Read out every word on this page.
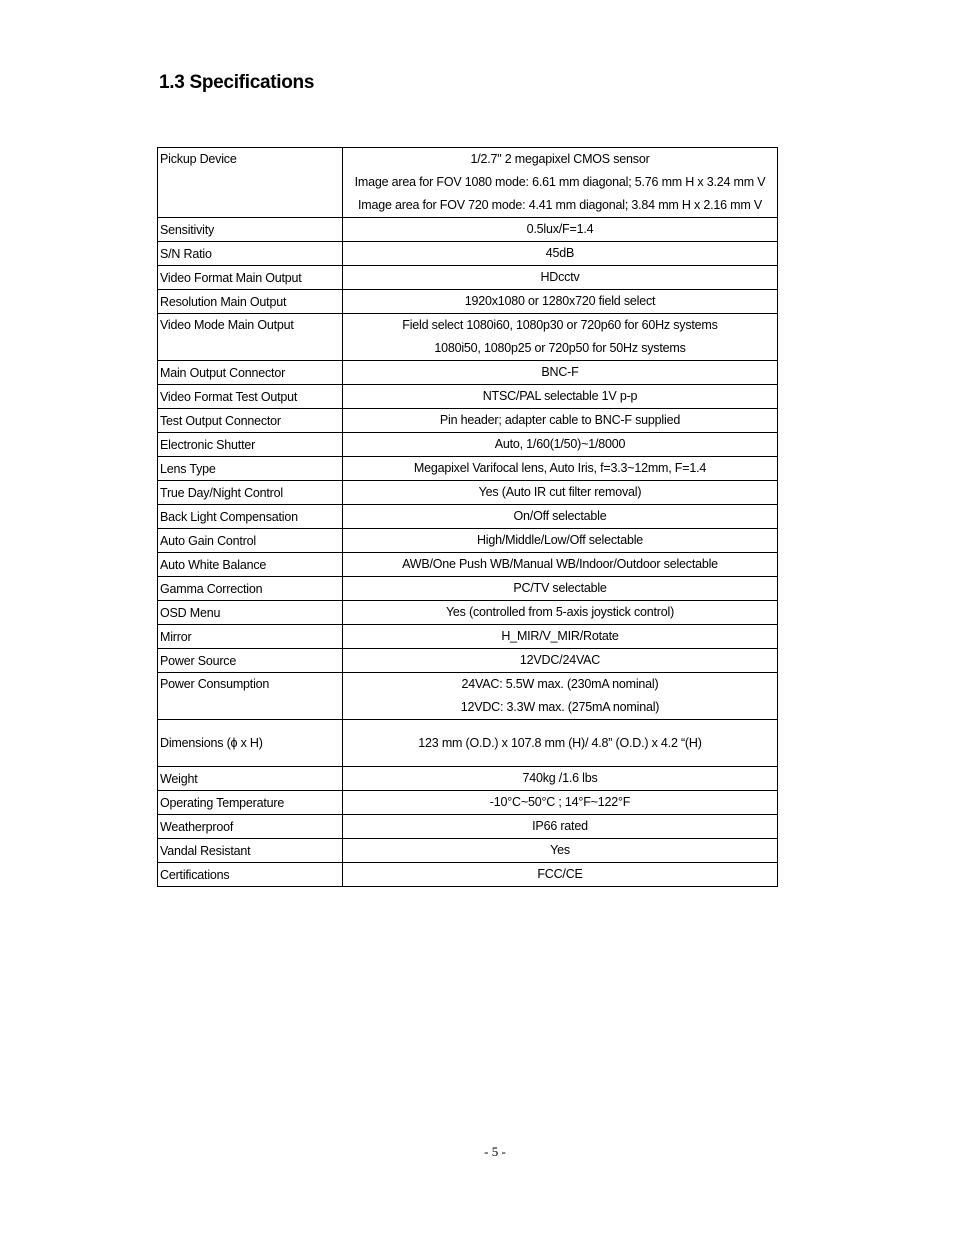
1.3 Specifications
Pickup Device	1/2.7" 2 megapixel CMOS sensor
Image area for FOV 1080 mode: 6.61 mm diagonal; 5.76 mm H x 3.24 mm V
Image area for FOV 720 mode: 4.41 mm diagonal; 3.84 mm H x 2.16 mm V

Sensitivity	0.5lux/F=1.4

S/N Ratio	45dB

Video Format Main Output	HDcctv

Resolution Main Output	1920x1080 or 1280x720 field select

Video Mode Main Output	Field select 1080i60, 1080p30 or 720p60 for 60Hz systems
1080i50, 1080p25 or 720p50 for 50Hz systems

Main Output Connector	BNC-F

Video Format Test Output	NTSC/PAL selectable 1V p-p

Test Output Connector	Pin header; adapter cable to BNC-F supplied

Electronic Shutter	Auto, 1/60(1/50)~1/8000

Lens Type	Megapixel Varifocal lens, Auto Iris, f=3.3~12mm, F=1.4

True Day/Night Control	Yes (Auto IR cut filter removal)

Back Light Compensation	On/Off selectable

Auto Gain Control	High/Middle/Low/Off selectable

Auto White Balance	AWB/One Push WB/Manual WB/Indoor/Outdoor selectable

Gamma Correction	PC/TV selectable

OSD Menu	Yes (controlled from 5-axis joystick control)

Mirror	H_MIR/V_MIR/Rotate

Power Source	12VDC/24VAC

Power Consumption	24VAC: 5.5W max. (230mA nominal)
12VDC: 3.3W max. (275mA nominal)

Dimensions (ϕ x H)	123 mm (O.D.) x 107.8 mm (H)/ 4.8” (O.D.) x 4.2 “(H)

Weight	740kg /1.6 lbs

Operating Temperature	-10°C~50°C ; 14°F~122°F

Weatherproof	IP66 rated

Vandal Resistant	Yes

Certifications	FCC/CE
- 5 -
